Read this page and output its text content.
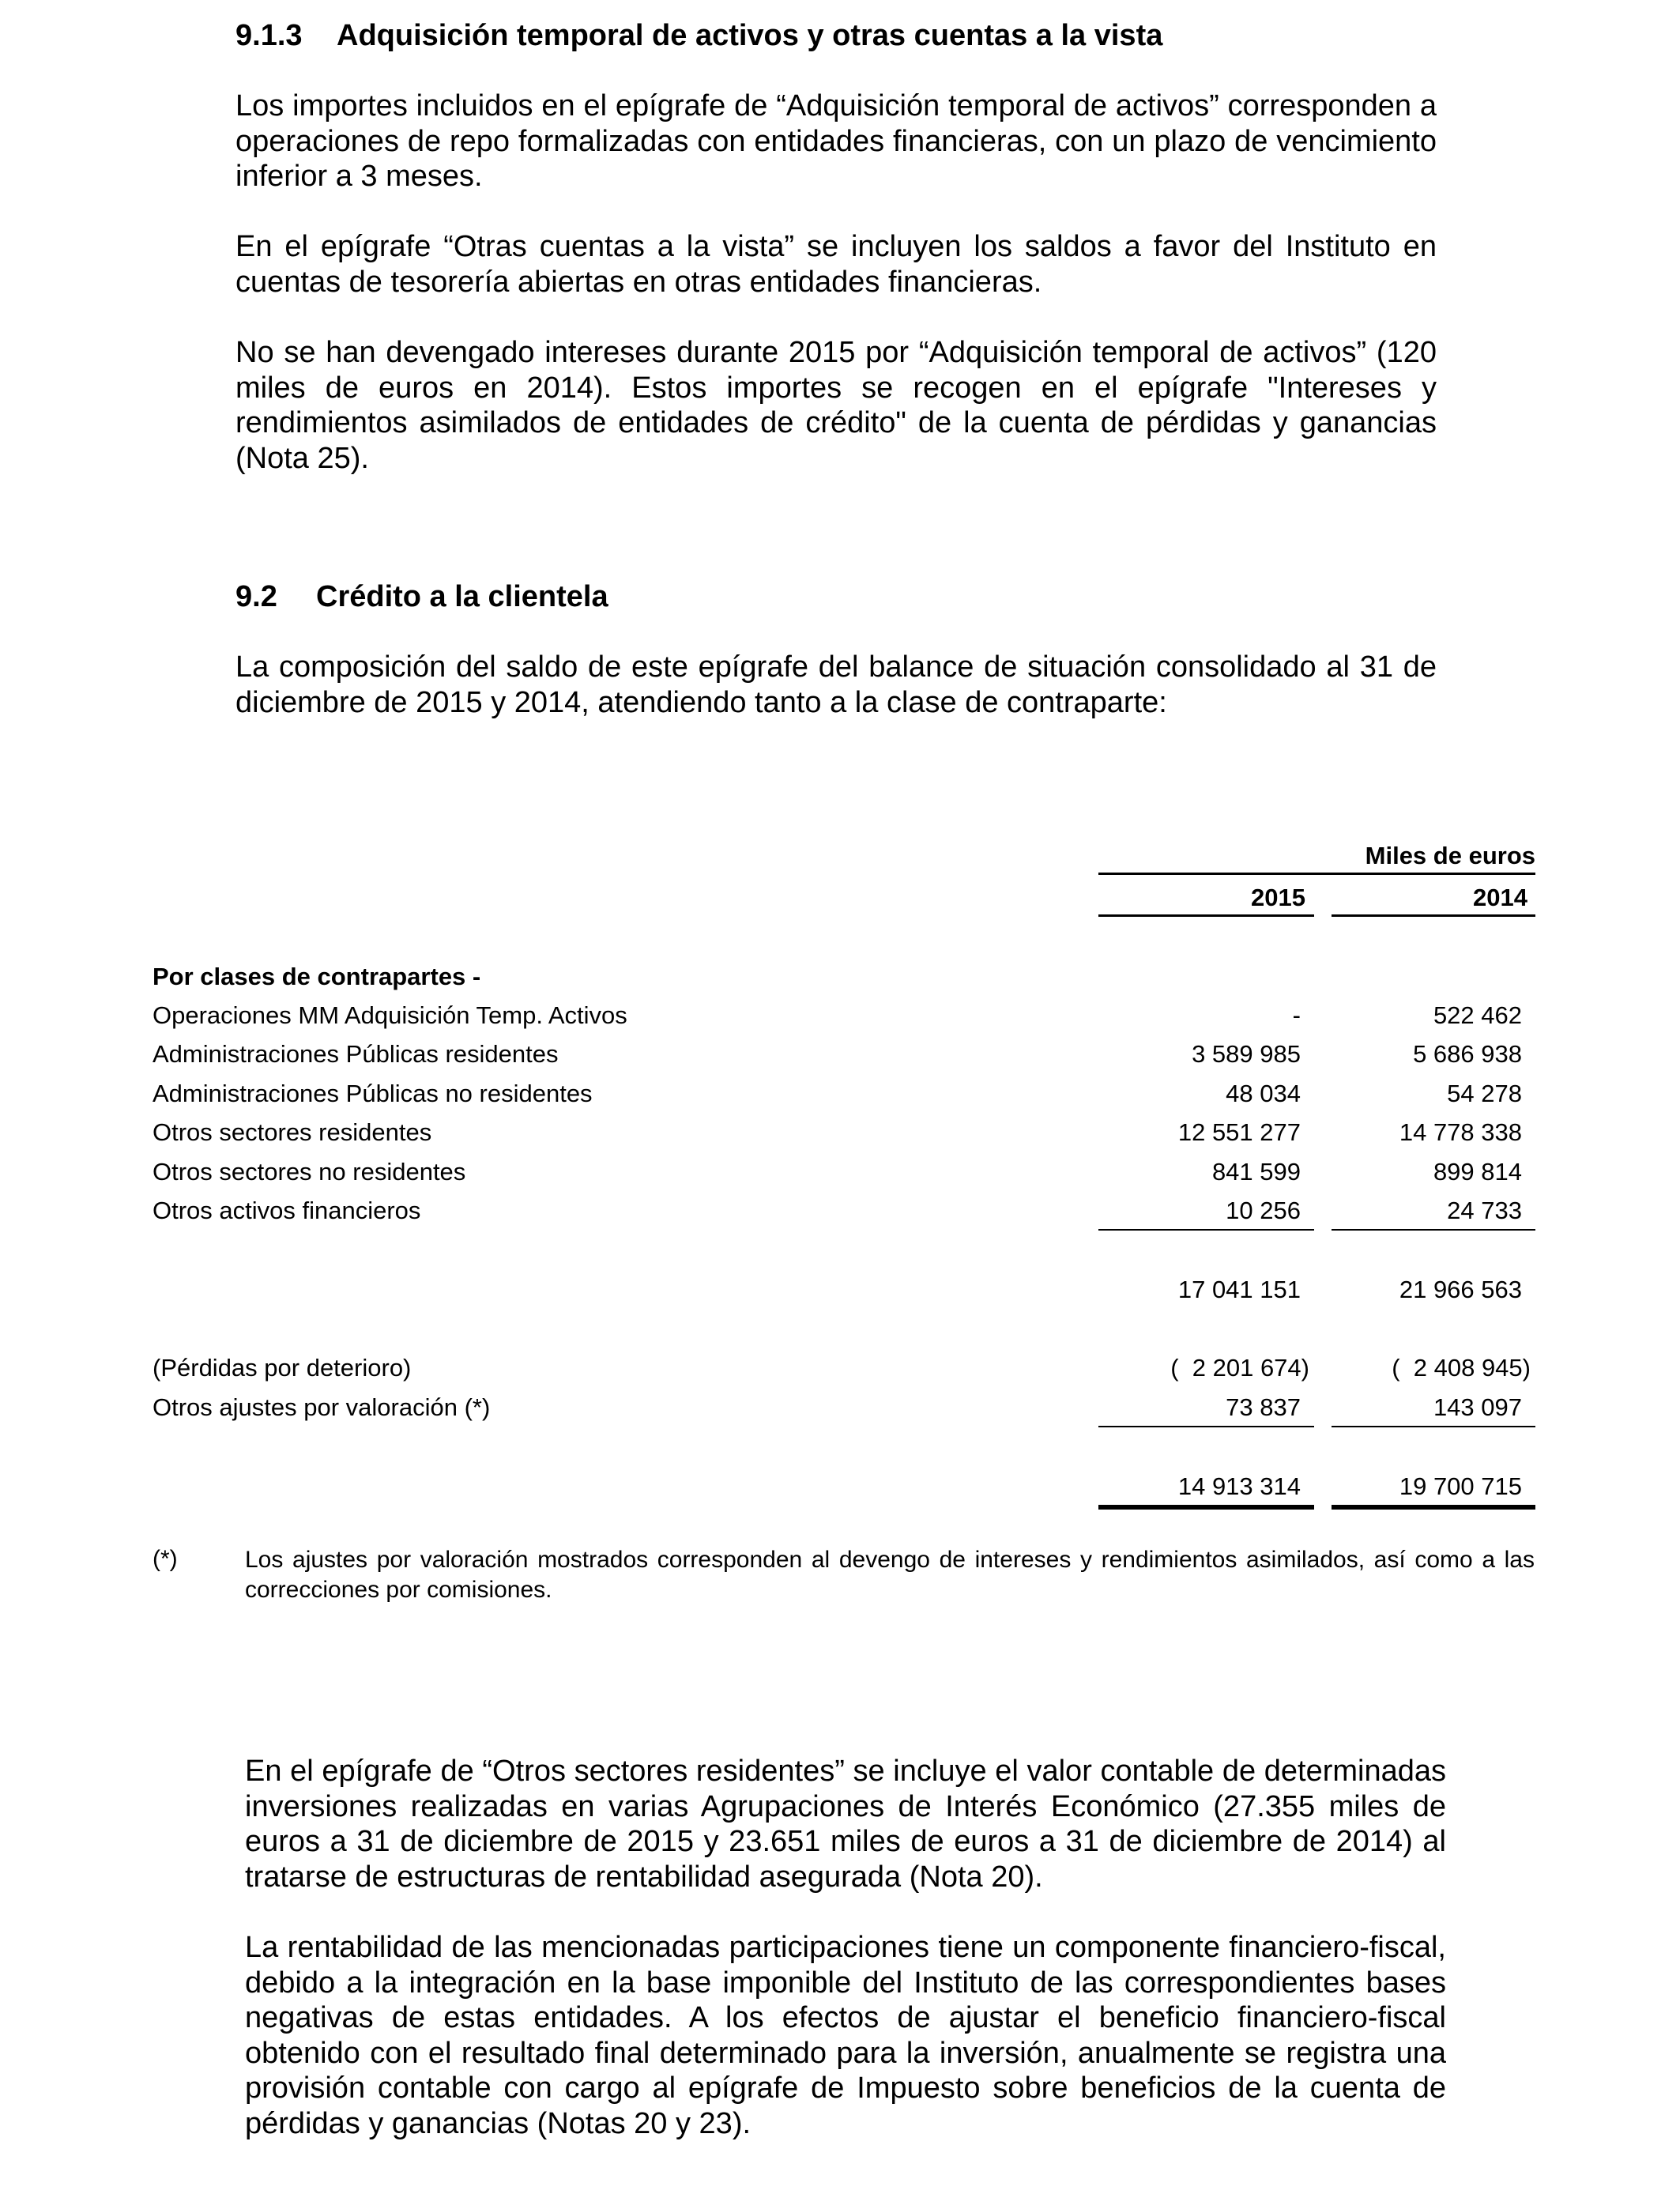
9.1.3 Adquisición temporal de activos y otras cuentas a la vista

Los importes incluidos en el epígrafe de “Adquisición temporal de activos” corresponden a operaciones de repo formalizadas con entidades financieras, con un plazo de vencimiento inferior a 3 meses.

En el epígrafe “Otras cuentas a la vista” se incluyen los saldos a favor del Instituto en cuentas de tesorería abiertas en otras entidades financieras.

No se han devengado intereses durante 2015 por “Adquisición temporal de activos” (120 miles de euros en 2014). Estos importes se recogen en el epígrafe "Intereses y rendimientos asimilados de entidades de crédito" de la cuenta de pérdidas y ganancias (Nota 25).

9.2 Crédito a la clientela

La composición del saldo de este epígrafe del balance de situación consolidado al 31 de diciembre de 2015 y 2014, atendiendo tanto a la clase de contraparte:

Miles de euros
2015	2014
Por clases de contrapartes -
Operaciones MM Adquisición Temp. Activos	-	522 462
Administraciones Públicas residentes	3 589 985	5 686 938
Administraciones Públicas no residentes	48 034	54 278
Otros sectores residentes	12 551 277	14 778 338
Otros sectores no residentes	841 599	899 814
Otros activos financieros	10 256	24 733
17 041 151	21 966 563
(Pérdidas por deterioro)	(  2 201 674)	(  2 408 945)
Otros ajustes por valoración (*)	73 837	143 097
14 913 314	19 700 715
(*)	Los ajustes por valoración mostrados corresponden al devengo de intereses y rendimientos asimilados, así como a las correcciones por comisiones.

En el epígrafe de “Otros sectores residentes” se incluye el valor contable de determinadas inversiones realizadas en varias Agrupaciones de Interés Económico (27.355 miles de euros a 31 de diciembre de 2015 y 23.651 miles de euros a 31 de diciembre de 2014) al tratarse de estructuras de rentabilidad asegurada (Nota 20).

La rentabilidad de las mencionadas participaciones tiene un componente financiero-fiscal, debido a la integración en la base imponible del Instituto de las correspondientes bases negativas de estas entidades. A los efectos de ajustar el beneficio financiero-fiscal obtenido con el resultado final determinado para la inversión, anualmente se registra una provisión contable con cargo al epígrafe de Impuesto sobre beneficios de la cuenta de pérdidas y ganancias (Notas 20 y 23).
